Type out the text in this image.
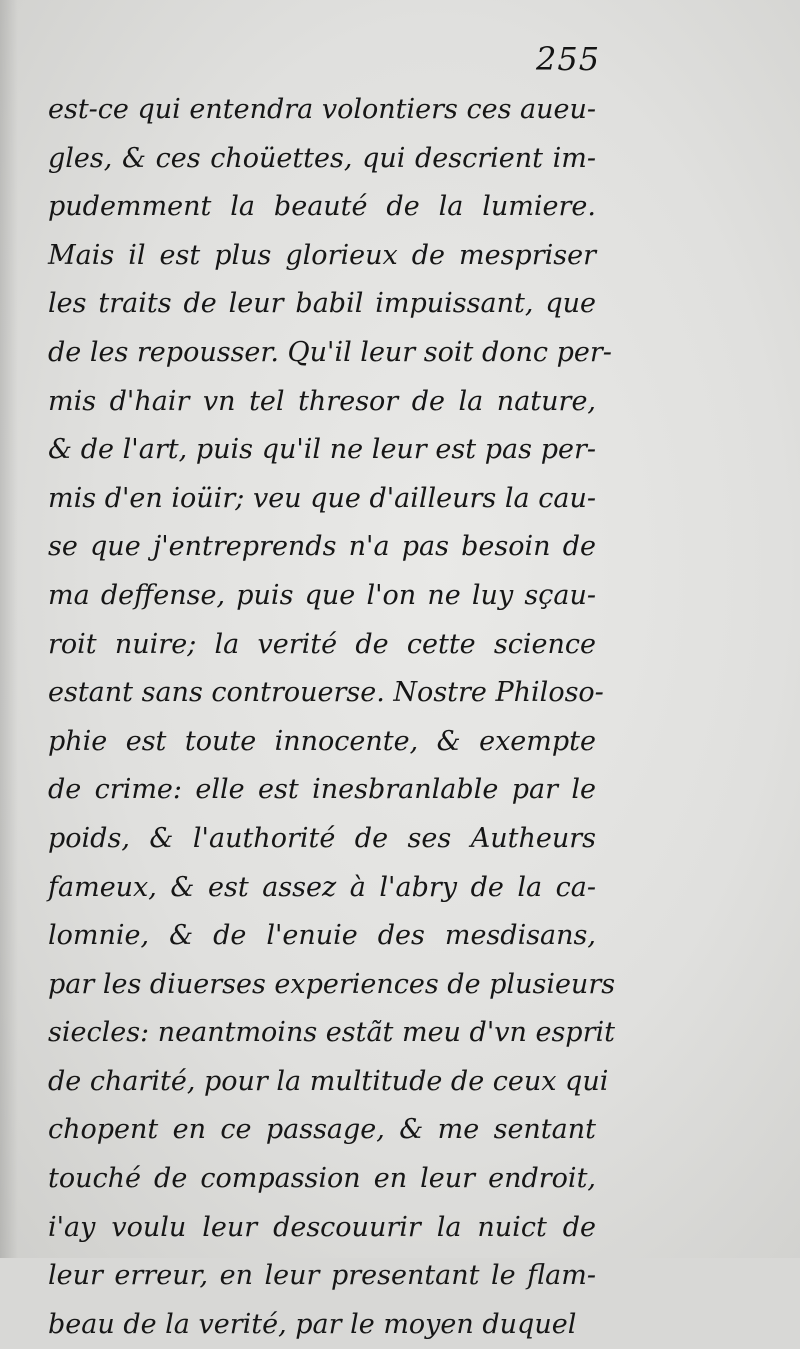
255
est-ce qui entendra volontiers ces aueu-
gles, & ces choüettes, qui descrient im-
pudemment la beauté de la lumiere.
Mais il est plus glorieux de mespriser
les traits de leur babil impuissant, que
de les repousser. Qu'il leur soit donc per-
mis d'hair vn tel thresor de la nature,
& de l'art, puis qu'il ne leur est pas per-
mis d'en ioüir; veu que d'ailleurs la cau-
se que j'entreprends n'a pas besoin de
ma deffense, puis que l'on ne luy sçau-
roit nuire; la verité de cette science
estant sans controuerse. Nostre Philoso-
phie est toute innocente, & exempte
de crime: elle est inesbranlable par le
poids, & l'authorité de ses Autheurs
fameux, & est assez à l'abry de la ca-
lomnie, & de l'enuie des mesdisans,
par les diuerses experiences de plusieurs
siecles: neantmoins estãt meu d'vn esprit
de charité, pour la multitude de ceux qui
chopent en ce passage, & me sentant
touché de compassion en leur endroit,
i'ay voulu leur descouurir la nuict de
leur erreur, en leur presentant le flam-
beau de la verité, par le moyen duquel
